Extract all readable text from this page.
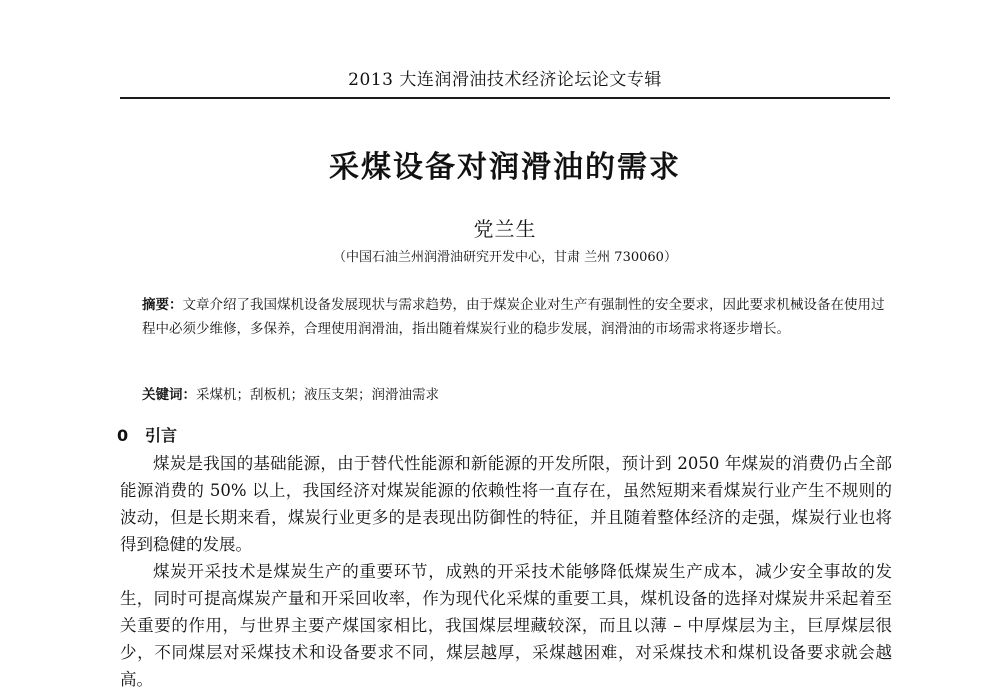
2013 大连润滑油技术经济论坛论文专辑
采煤设备对润滑油的需求
党兰生
（中国石油兰州润滑油研究开发中心，甘肃 兰州 730060）
摘要：文章介绍了我国煤机设备发展现状与需求趋势，由于煤炭企业对生产有强制性的安全要求，因此要求机械设备在使用过程中必须少维修，多保养，合理使用润滑油，指出随着煤炭行业的稳步发展，润滑油的市场需求将逐步增长。
关键词：采煤机；刮板机；液压支架；润滑油需求
0 引言

煤炭是我国的基础能源，由于替代性能源和新能源的开发所限，预计到 2050 年煤炭的消费仍占全部能源消费的 50% 以上，我国经济对煤炭能源的依赖性将一直存在，虽然短期来看煤炭行业产生不规则的波动，但是长期来看，煤炭行业更多的是表现出防御性的特征，并且随着整体经济的走强，煤炭行业也将得到稳健的发展。

煤炭开采技术是煤炭生产的重要环节，成熟的开采技术能够降低煤炭生产成本，减少安全事故的发生，同时可提高煤炭产量和开采回收率，作为现代化采煤的重要工具，煤机设备的选择对煤炭井采起着至关重要的作用，与世界主要产煤国家相比，我国煤层埋藏较深，而且以薄 – 中厚煤层为主，巨厚煤层很少，不同煤层对采煤技术和设备要求不同，煤层越厚，采煤越困难，对采煤技术和煤机设备要求就会越高。
